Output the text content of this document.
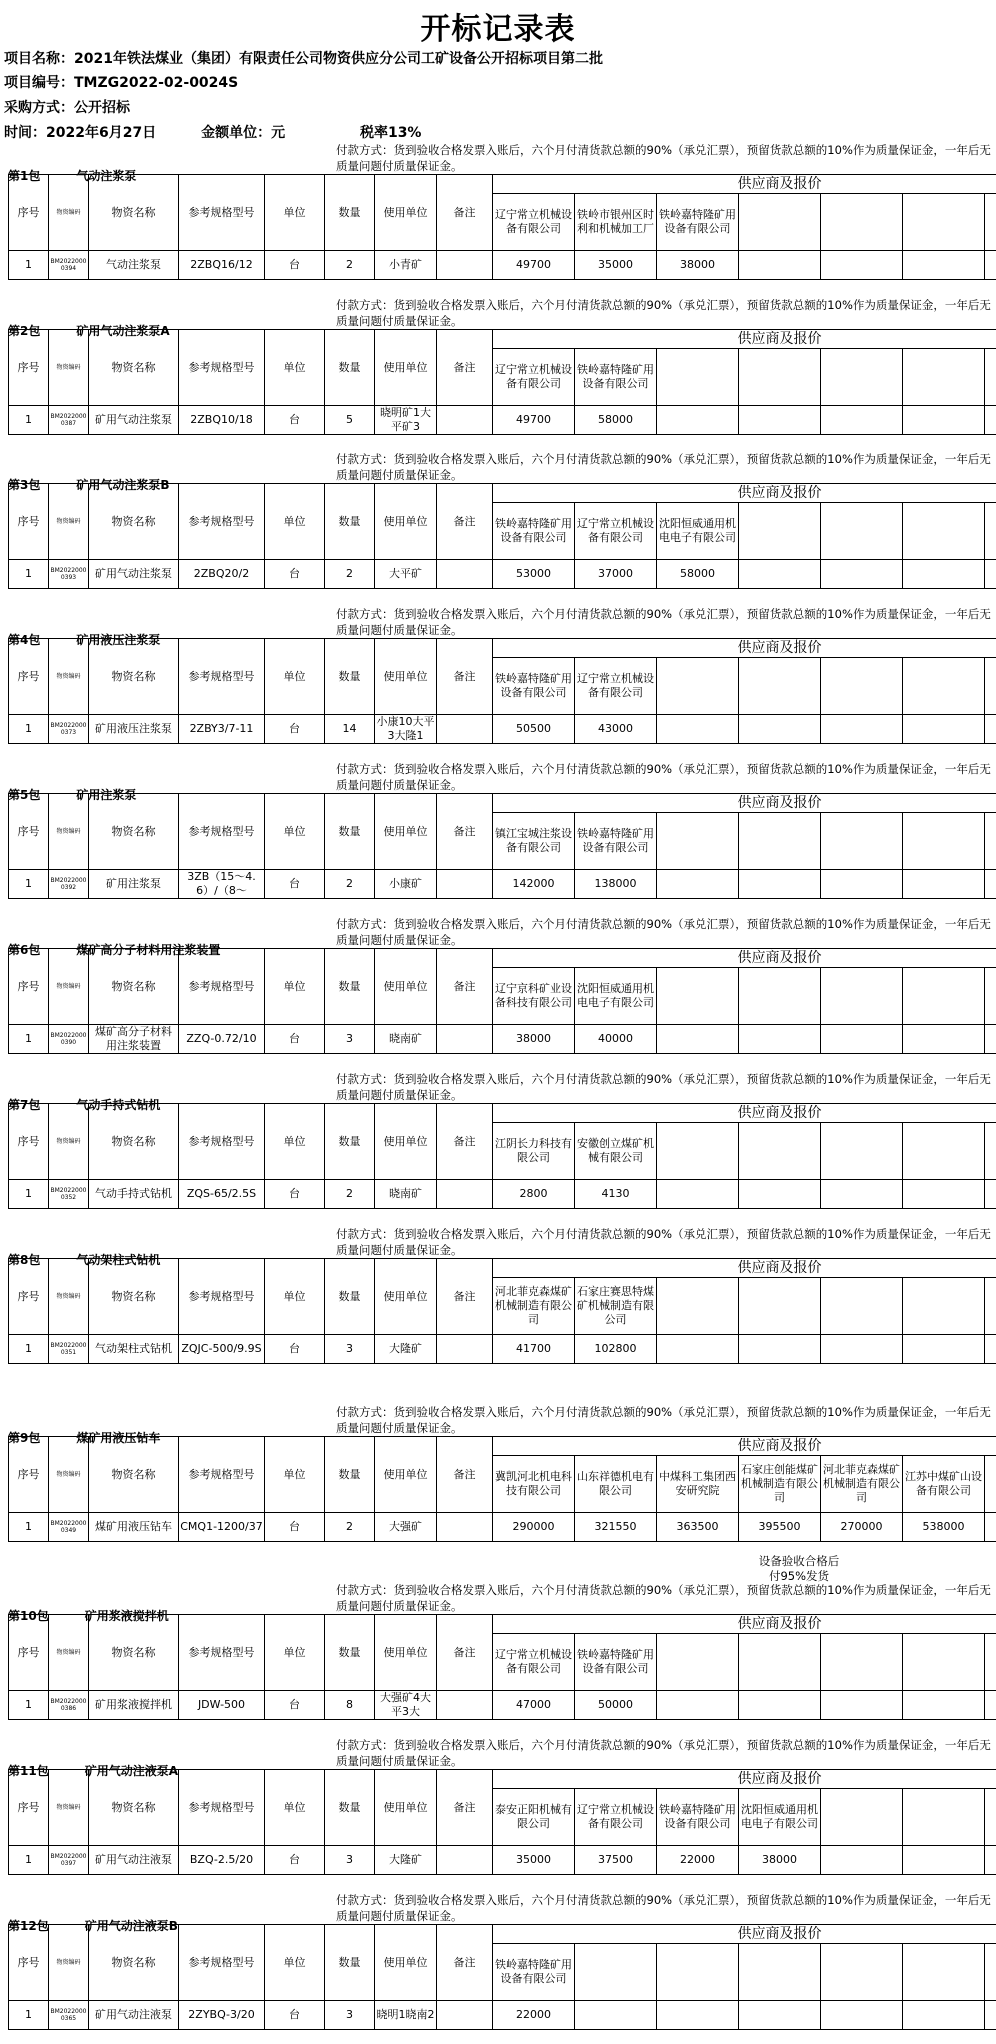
开标记录表
项目名称：2021年铁法煤业（集团）有限责任公司物资供应分公司工矿设备公开招标项目第二批
项目编号：TMZG2022-02-0024S
采购方式：公开招标
时间：2022年6月27日	金额单位：元	税率13%
付款方式：货到验收合格发票入账后，六个月付清货款总额的90%（承兑汇票），预留货款总额的10%作为质量保证金，一年后无质量问题付质量保证金。
第1包	气动注浆泵
序号	物资编码	物资名称	参考规格型号	单位	数量	使用单位	备注	供应商及报价						
								辽宁常立机械设备有限公司	铁岭市银州区时利和机械加工厂	铁岭嘉特隆矿用设备有限公司				
1	BM20220000394	气动注浆泵	2ZBQ16/12	台	2	小青矿		49700	35000	38000				
付款方式：货到验收合格发票入账后，六个月付清货款总额的90%（承兑汇票），预留货款总额的10%作为质量保证金，一年后无质量问题付质量保证金。
第2包	矿用气动注浆泵A
序号	物资编码	物资名称	参考规格型号	单位	数量	使用单位	备注	供应商及报价						
								辽宁常立机械设备有限公司	铁岭嘉特隆矿用设备有限公司					
1	BM20220000387	矿用气动注浆泵	2ZBQ10/18	台	5	晓明矿1大平矿3		49700	58000					
付款方式：货到验收合格发票入账后，六个月付清货款总额的90%（承兑汇票），预留货款总额的10%作为质量保证金，一年后无质量问题付质量保证金。
第3包	矿用气动注浆泵B
序号	物资编码	物资名称	参考规格型号	单位	数量	使用单位	备注	供应商及报价						
								铁岭嘉特隆矿用设备有限公司	辽宁常立机械设备有限公司	沈阳恒威通用机电电子有限公司				
1	BM20220000393	矿用气动注浆泵	2ZBQ20/2	台	2	大平矿		53000	37000	58000				
付款方式：货到验收合格发票入账后，六个月付清货款总额的90%（承兑汇票），预留货款总额的10%作为质量保证金，一年后无质量问题付质量保证金。
第4包	矿用液压注浆泵
序号	物资编码	物资名称	参考规格型号	单位	数量	使用单位	备注	供应商及报价						
								铁岭嘉特隆矿用设备有限公司	辽宁常立机械设备有限公司					
1	BM20220000373	矿用液压注浆泵	2ZBY3/7-11	台	14	小康10大平3大隆1		50500	43000					
付款方式：货到验收合格发票入账后，六个月付清货款总额的90%（承兑汇票），预留货款总额的10%作为质量保证金，一年后无质量问题付质量保证金。
第5包	矿用注浆泵
序号	物资编码	物资名称	参考规格型号	单位	数量	使用单位	备注	供应商及报价						
								镇江宝城注浆设备有限公司	铁岭嘉特隆矿用设备有限公司					
1	BM20220000392	矿用注浆泵	3ZB（15～4.6）/（8～	台	2	小康矿		142000	138000					
付款方式：货到验收合格发票入账后，六个月付清货款总额的90%（承兑汇票），预留货款总额的10%作为质量保证金，一年后无质量问题付质量保证金。
第6包	煤矿高分子材料用注浆装置
序号	物资编码	物资名称	参考规格型号	单位	数量	使用单位	备注	供应商及报价						
								辽宁京科矿业设备科技有限公司	沈阳恒威通用机电电子有限公司					
1	BM20220000390	煤矿高分子材料用注浆装置	ZZQ-0.72/10	台	3	晓南矿		38000	40000					
付款方式：货到验收合格发票入账后，六个月付清货款总额的90%（承兑汇票），预留货款总额的10%作为质量保证金，一年后无质量问题付质量保证金。
第7包	气动手持式钻机
序号	物资编码	物资名称	参考规格型号	单位	数量	使用单位	备注	供应商及报价						
								江阴长力科技有限公司	安徽创立煤矿机械有限公司					
1	BM20220000352	气动手持式钻机	ZQS-65/2.5S	台	2	晓南矿		2800	4130					
付款方式：货到验收合格发票入账后，六个月付清货款总额的90%（承兑汇票），预留货款总额的10%作为质量保证金，一年后无质量问题付质量保证金。
第8包	气动架柱式钻机
序号	物资编码	物资名称	参考规格型号	单位	数量	使用单位	备注	供应商及报价						
								河北菲克森煤矿机械制造有限公司	石家庄赛思特煤矿机械制造有限公司					
1	BM20220000351	气动架柱式钻机	ZQJC-500/9.9S	台	3	大隆矿		41700	102800					
付款方式：货到验收合格发票入账后，六个月付清货款总额的90%（承兑汇票），预留货款总额的10%作为质量保证金，一年后无质量问题付质量保证金。
第9包	煤矿用液压钻车
序号	物资编码	物资名称	参考规格型号	单位	数量	使用单位	备注	供应商及报价						
								冀凯河北机电科技有限公司	山东祥德机电有限公司	中煤科工集团西安研究院	石家庄创能煤矿机械制造有限公司	河北菲克森煤矿机械制造有限公司	江苏中煤矿山设备有限公司	
1	BM20220000349	煤矿用液压钻车	CMQ1-1200/37	台	2	大强矿		290000	321550	363500	395500	270000	538000	
设备验收合格后付95%发货
付款方式：货到验收合格发票入账后，六个月付清货款总额的90%（承兑汇票），预留货款总额的10%作为质量保证金，一年后无质量问题付质量保证金。
第10包	矿用浆液搅拌机
序号	物资编码	物资名称	参考规格型号	单位	数量	使用单位	备注	供应商及报价						
								辽宁常立机械设备有限公司	铁岭嘉特隆矿用设备有限公司					
1	BM20220000386	矿用浆液搅拌机	JDW-500	台	8	大强矿4大平3大		47000	50000					
付款方式：货到验收合格发票入账后，六个月付清货款总额的90%（承兑汇票），预留货款总额的10%作为质量保证金，一年后无质量问题付质量保证金。
第11包	矿用气动注液泵A
序号	物资编码	物资名称	参考规格型号	单位	数量	使用单位	备注	供应商及报价						
								泰安正阳机械有限公司	辽宁常立机械设备有限公司	铁岭嘉特隆矿用设备有限公司	沈阳恒威通用机电电子有限公司			
1	BM20220000397	矿用气动注液泵	BZQ-2.5/20	台	3	大隆矿		35000	37500	22000	38000			
付款方式：货到验收合格发票入账后，六个月付清货款总额的90%（承兑汇票），预留货款总额的10%作为质量保证金，一年后无质量问题付质量保证金。
第12包	矿用气动注液泵B
序号	物资编码	物资名称	参考规格型号	单位	数量	使用单位	备注	供应商及报价						
								铁岭嘉特隆矿用设备有限公司						
1	BM20220000365	矿用气动注液泵	2ZYBQ-3/20	台	3	晓明1晓南2		22000						
